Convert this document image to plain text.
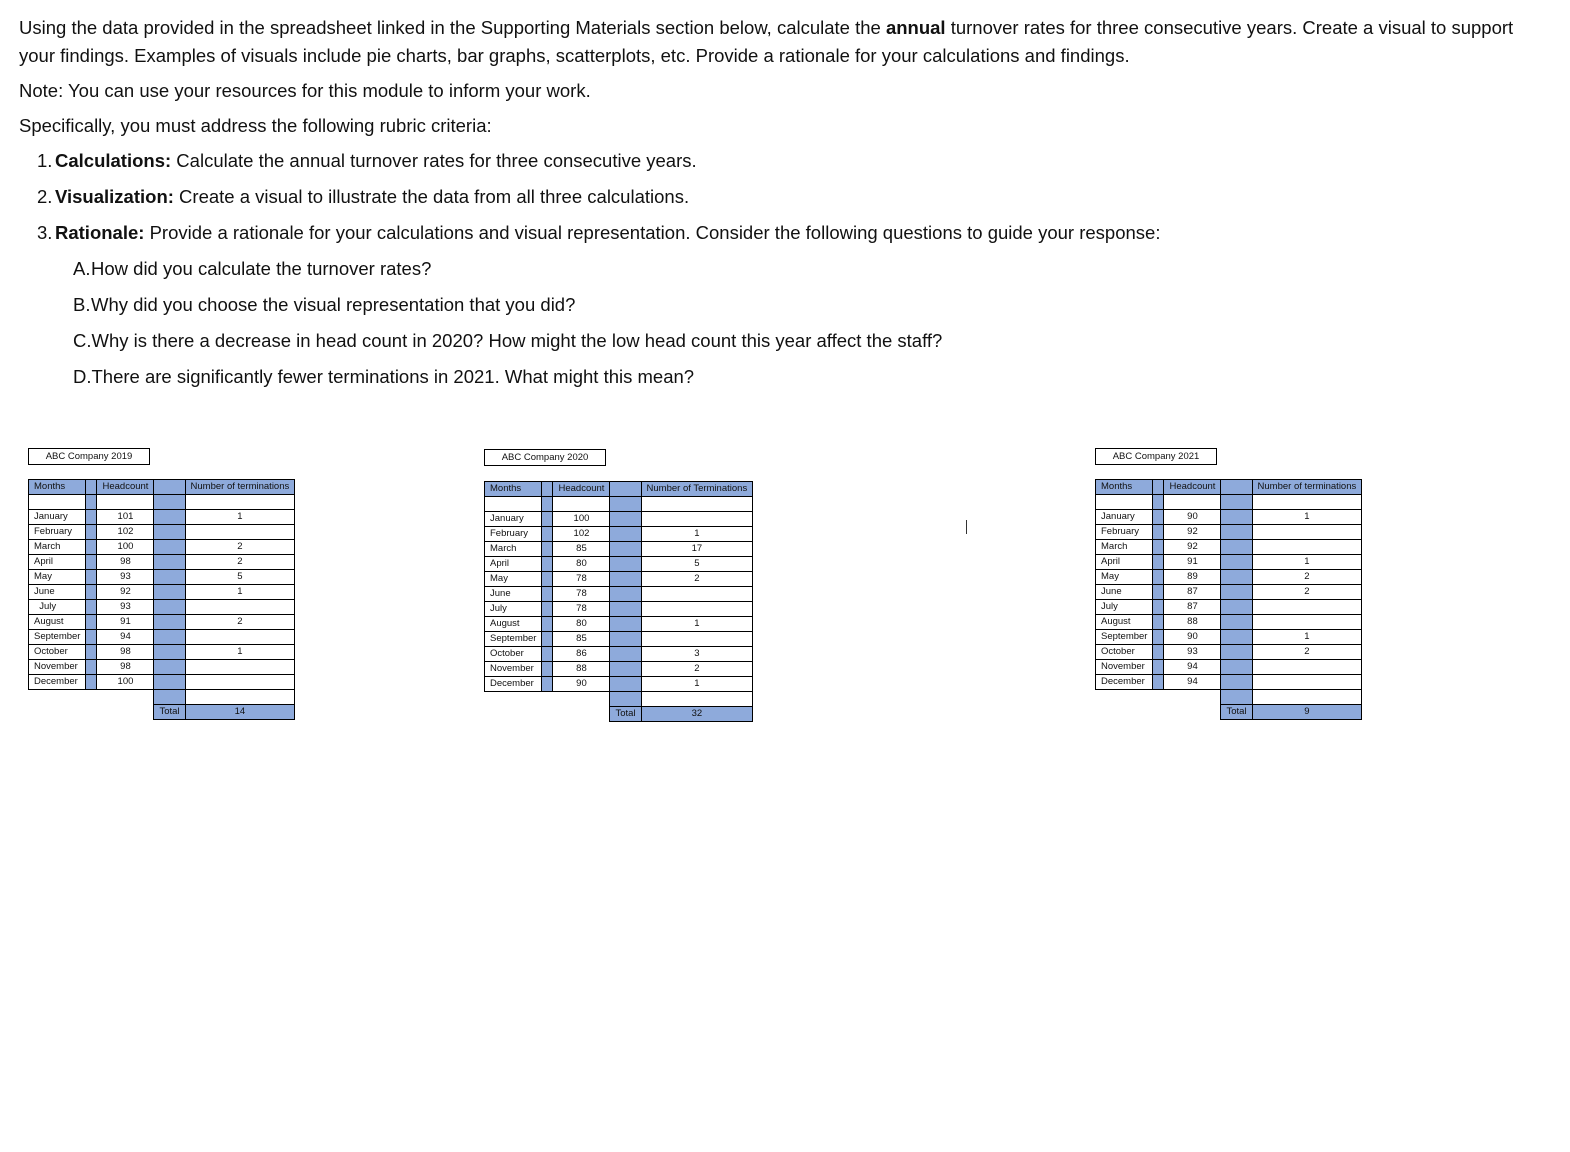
Using the data provided in the spreadsheet linked in the Supporting Materials section below, calculate the annual turnover rates for three consecutive years. Create a visual to support your findings. Examples of visuals include pie charts, bar graphs, scatterplots, etc. Provide a rationale for your calculations and findings.

Note: You can use your resources for this module to inform your work.

Specifically, you must address the following rubric criteria:

1. Calculations: Calculate the annual turnover rates for three consecutive years.
2. Visualization: Create a visual to illustrate the data from all three calculations.
3. Rationale: Provide a rationale for your calculations and visual representation. Consider the following questions to guide your response:
A.How did you calculate the turnover rates?
B.Why did you choose the visual representation that you did?
C.Why is there a decrease in head count in 2020? How might the low head count this year affect the staff?
D.There are significantly fewer terminations in 2021. What might this mean?
ABC Company 2019
Months		Headcount		Number of terminations

January		101		1
February		102		
March		100		2
April		98		2
May		93		5
June		92		1
July		93		
August		91		2
September		94		
October		98		1
November		98		
December		100		

			Total	14
ABC Company 2020
Months		Headcount		Number of Terminations

January		100		
February		102		1
March		85		17
April		80		5
May		78		2
June		78		
July		78		
August		80		1
September		85		
October		86		3
November		88		2
December		90		1

			Total	32
ABC Company 2021
Months		Headcount		Number of terminations

January		90		1
February		92		
March		92		
April		91		1
May		89		2
June		87		2
July		87		
August		88		
September		90		1
October		93		2
November		94		
December		94		

			Total	9
